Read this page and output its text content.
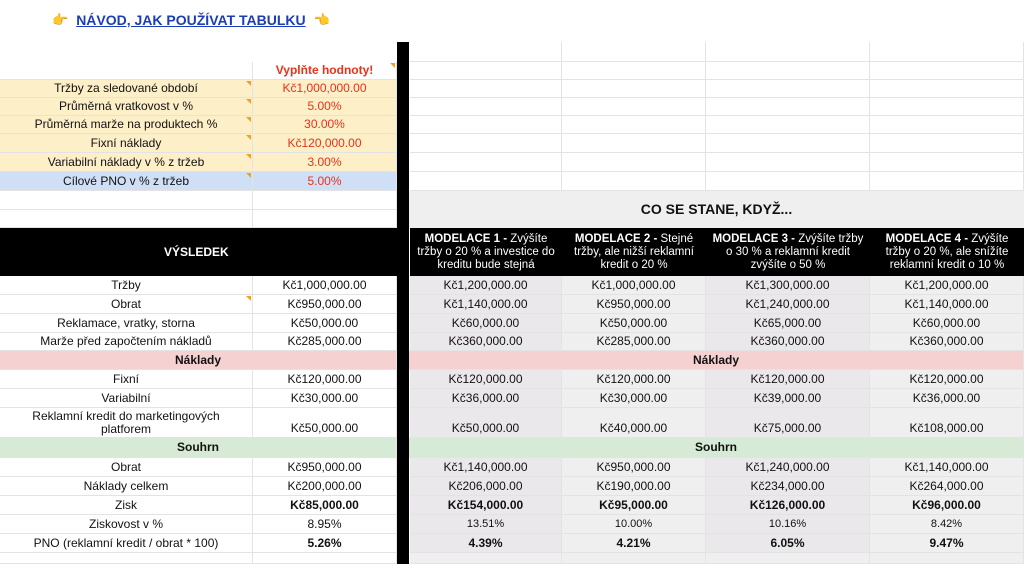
👉 NÁVOD, JAK POUŽÍVAT TABULKU 👈
Vyplňte hodnoty!
Tržby za sledované období	Kč1,000,000.00
Průměrná vratkovost v %	5.00%
Průměrná marže na produktech %	30.00%
Fixní náklady	Kč120,000.00
Variabilní náklady v % z tržeb	3.00%
Cílové PNO v % z tržeb	5.00%
CO SE STANE, KDYŽ...
VÝSLEDEK
MODELACE 1 - Zvýšíte tržby o 20 % a investice do kreditu bude stejná
MODELACE 2 - Stejné tržby, ale nižší reklamní kredit o 20 %
MODELACE 3 - Zvýšíte tržby o 30 % a reklamní kredit zvýšíte o 50 %
MODELACE 4 - Zvýšíte tržby o 20 %, ale snížíte reklamní kredit o 10 %
Tržby	Kč1,000,000.00	Kč1,200,000.00	Kč1,000,000.00	Kč1,300,000.00	Kč1,200,000.00
Obrat	Kč950,000.00	Kč1,140,000.00	Kč950,000.00	Kč1,240,000.00	Kč1,140,000.00
Reklamace, vratky, storna	Kč50,000.00	Kč60,000.00	Kč50,000.00	Kč65,000.00	Kč60,000.00
Marže před započtením nákladů	Kč285,000.00	Kč360,000.00	Kč285,000.00	Kč360,000.00	Kč360,000.00
Náklady	Náklady
Fixní	Kč120,000.00	Kč120,000.00	Kč120,000.00	Kč120,000.00	Kč120,000.00
Variabilní	Kč30,000.00	Kč36,000.00	Kč30,000.00	Kč39,000.00	Kč36,000.00
Reklamní kredit do marketingových platforem	Kč50,000.00	Kč50,000.00	Kč40,000.00	Kč75,000.00	Kč108,000.00
Souhrn	Souhrn
Obrat	Kč950,000.00	Kč1,140,000.00	Kč950,000.00	Kč1,240,000.00	Kč1,140,000.00
Náklady celkem	Kč200,000.00	Kč206,000.00	Kč190,000.00	Kč234,000.00	Kč264,000.00
Zisk	Kč85,000.00	Kč154,000.00	Kč95,000.00	Kč126,000.00	Kč96,000.00
Ziskovost v %	8.95%	13.51%	10.00%	10.16%	8.42%
PNO (reklamní kredit / obrat * 100)	5.26%	4.39%	4.21%	6.05%	9.47%
